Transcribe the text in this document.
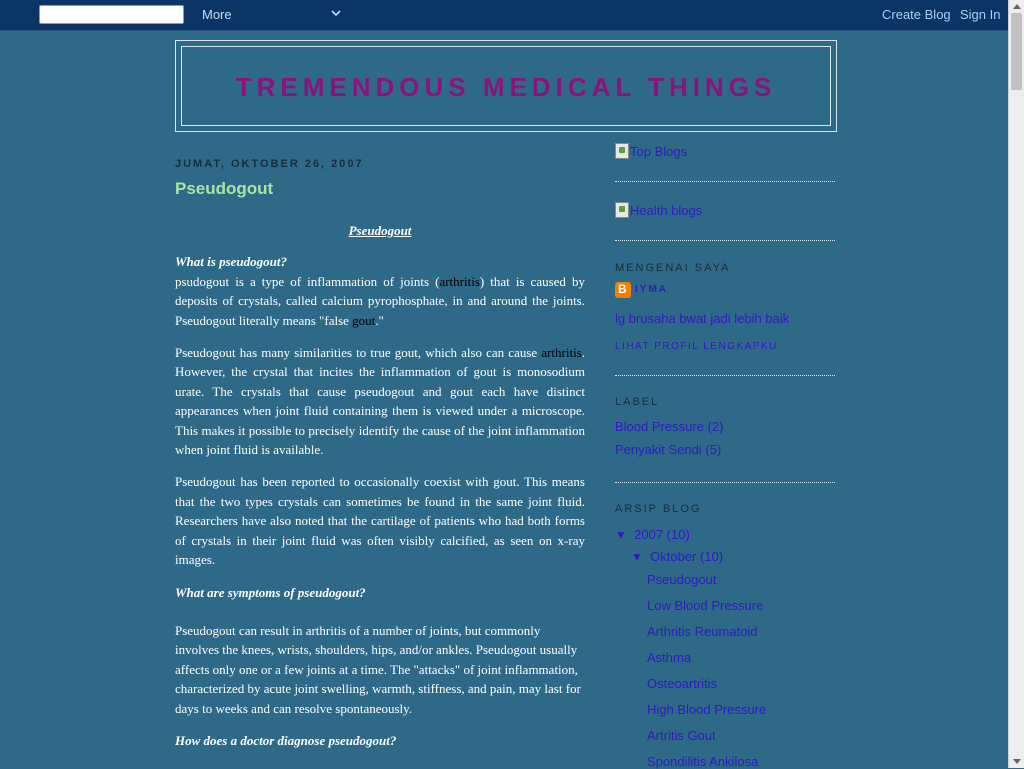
More	Create Blog Sign In
TREMENDOUS MEDICAL THINGS
JUMAT, OKTOBER 26, 2007
Pseudogout

Pseudogout

What is pseudogout?

psudogout is a type of inflammation of joints (arthritis) that is caused by deposits of crystals, called calcium pyrophosphate, in and around the joints. Pseudogout literally means "false gout."

Pseudogout has many similarities to true gout, which also can cause arthritis. However, the crystal that incites the inflammation of gout is monosodium urate. The crystals that cause pseudogout and gout each have distinct appearances when joint fluid containing them is viewed under a microscope. This makes it possible to precisely identify the cause of the joint inflammation when joint fluid is available.

Pseudogout has been reported to occasionally coexist with gout. This means that the two types crystals can sometimes be found in the same joint fluid. Researchers have also noted that the cartilage of patients who had both forms of crystals in their joint fluid was often visibly calcified, as seen on x-ray images.

What are symptoms of pseudogout?

Pseudogout can result in arthritis of a number of joints, but commonly involves the knees, wrists, shoulders, hips, and/or ankles. Pseudogout usually affects only one or a few joints at a time. The "attacks" of joint inflammation, characterized by acute joint swelling, warmth, stiffness, and pain, may last for days to weeks and can resolve spontaneously.

How does a doctor diagnose pseudogout?

Top Blogs
Health blogs
MENGENAI SAYA
B
IYMA
lg brusaha bwat jadi lebih baik
LIHAT PROFIL LENGKAPKU
LABEL
Blood Pressure (2)
Penyakit Sendi (5)
ARSIP BLOG
▼ 2007 (10)
▼ Oktober (10)
Pseudogout
Low Blood Pressure
Arthritis Reumatoid
Asthma
Osteoartritis
High Blood Pressure
Artritis Gout
Spondilitis Ankilosa
